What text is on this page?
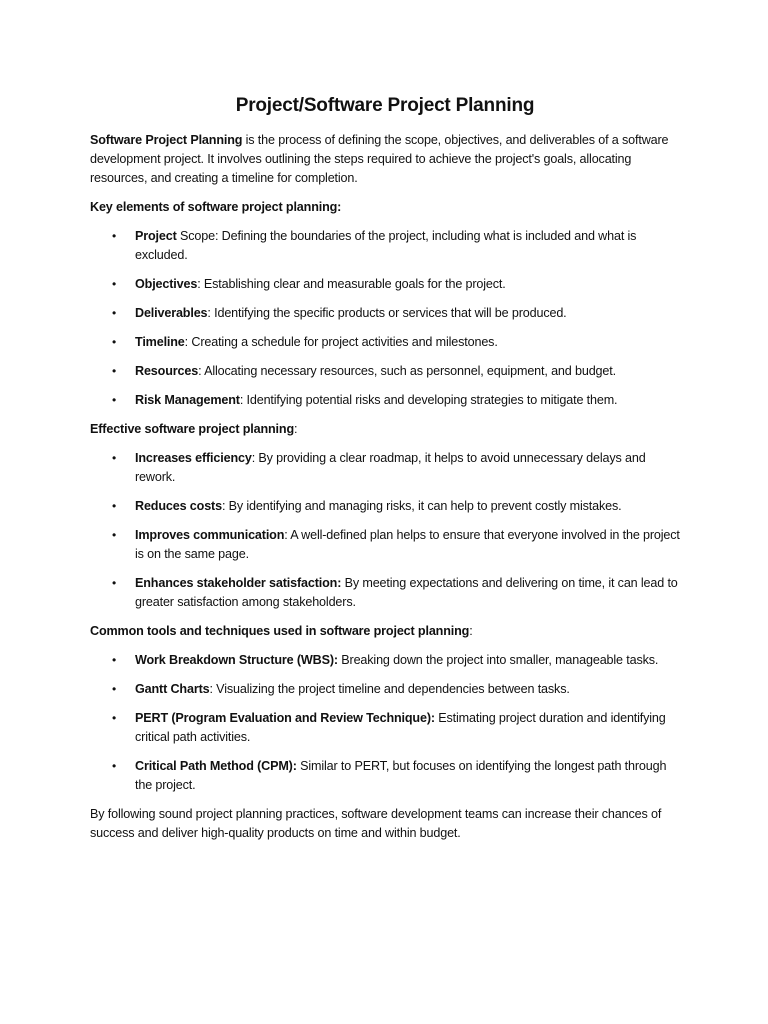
Project/Software Project Planning

Software Project Planning is the process of defining the scope, objectives, and deliverables of a software development project. It involves outlining the steps required to achieve the project's goals, allocating resources, and creating a timeline for completion.

Key elements of software project planning:

• Project Scope: Defining the boundaries of the project, including what is included and what is excluded.
• Objectives: Establishing clear and measurable goals for the project.
• Deliverables: Identifying the specific products or services that will be produced.
• Timeline: Creating a schedule for project activities and milestones.
• Resources: Allocating necessary resources, such as personnel, equipment, and budget.
• Risk Management: Identifying potential risks and developing strategies to mitigate them.

Effective software project planning:

• Increases efficiency: By providing a clear roadmap, it helps to avoid unnecessary delays and rework.
• Reduces costs: By identifying and managing risks, it can help to prevent costly mistakes.
• Improves communication: A well-defined plan helps to ensure that everyone involved in the project is on the same page.
• Enhances stakeholder satisfaction: By meeting expectations and delivering on time, it can lead to greater satisfaction among stakeholders.

Common tools and techniques used in software project planning:

• Work Breakdown Structure (WBS): Breaking down the project into smaller, manageable tasks.
• Gantt Charts: Visualizing the project timeline and dependencies between tasks.
• PERT (Program Evaluation and Review Technique): Estimating project duration and identifying critical path activities.
• Critical Path Method (CPM): Similar to PERT, but focuses on identifying the longest path through the project.

By following sound project planning practices, software development teams can increase their chances of success and deliver high-quality products on time and within budget.
